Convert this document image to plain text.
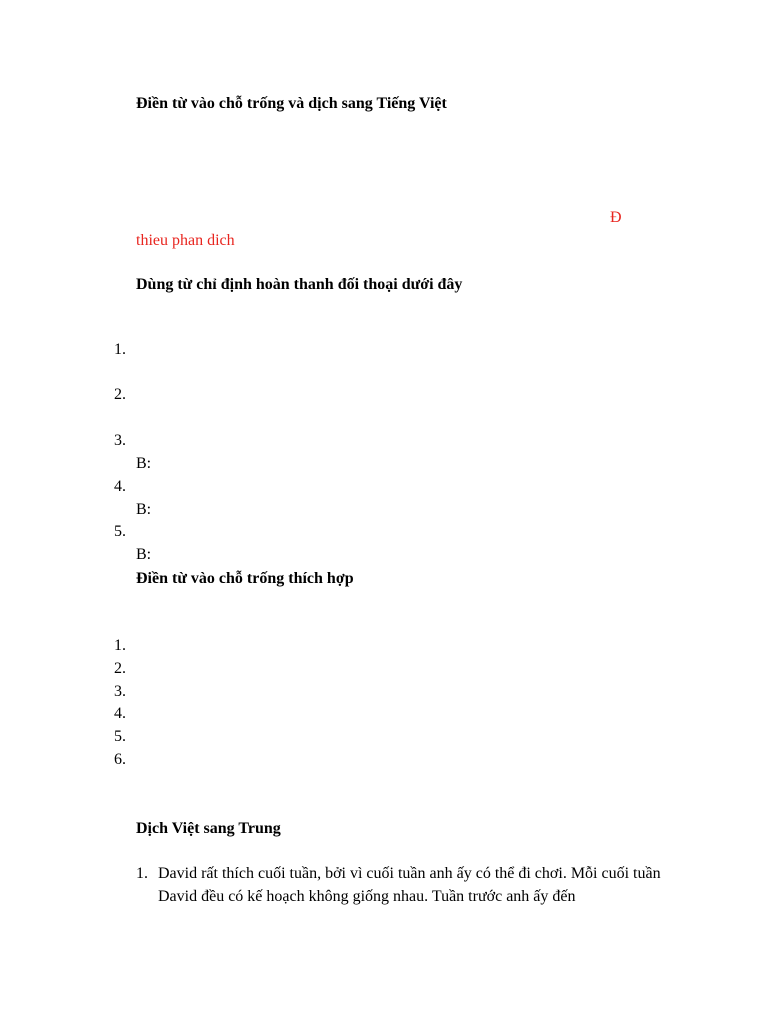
Điền từ vào chỗ trống và dịch sang Tiếng Việt
Đ
thieu phan dich
Dùng từ chỉ định hoàn thanh đối thoại dưới đây
1.
2.
3.
B:
4.
B:
5.
B:
Điền từ vào chỗ trống thích hợp
1.
2.
3.
4.
5.
6.
Dịch Việt sang Trung
1. David rất thích cuối tuần, bởi vì cuối tuần anh ấy có thể đi chơi. Mỗi cuối tuần David đều có kế hoạch không giống nhau. Tuần trước anh ấy đến
